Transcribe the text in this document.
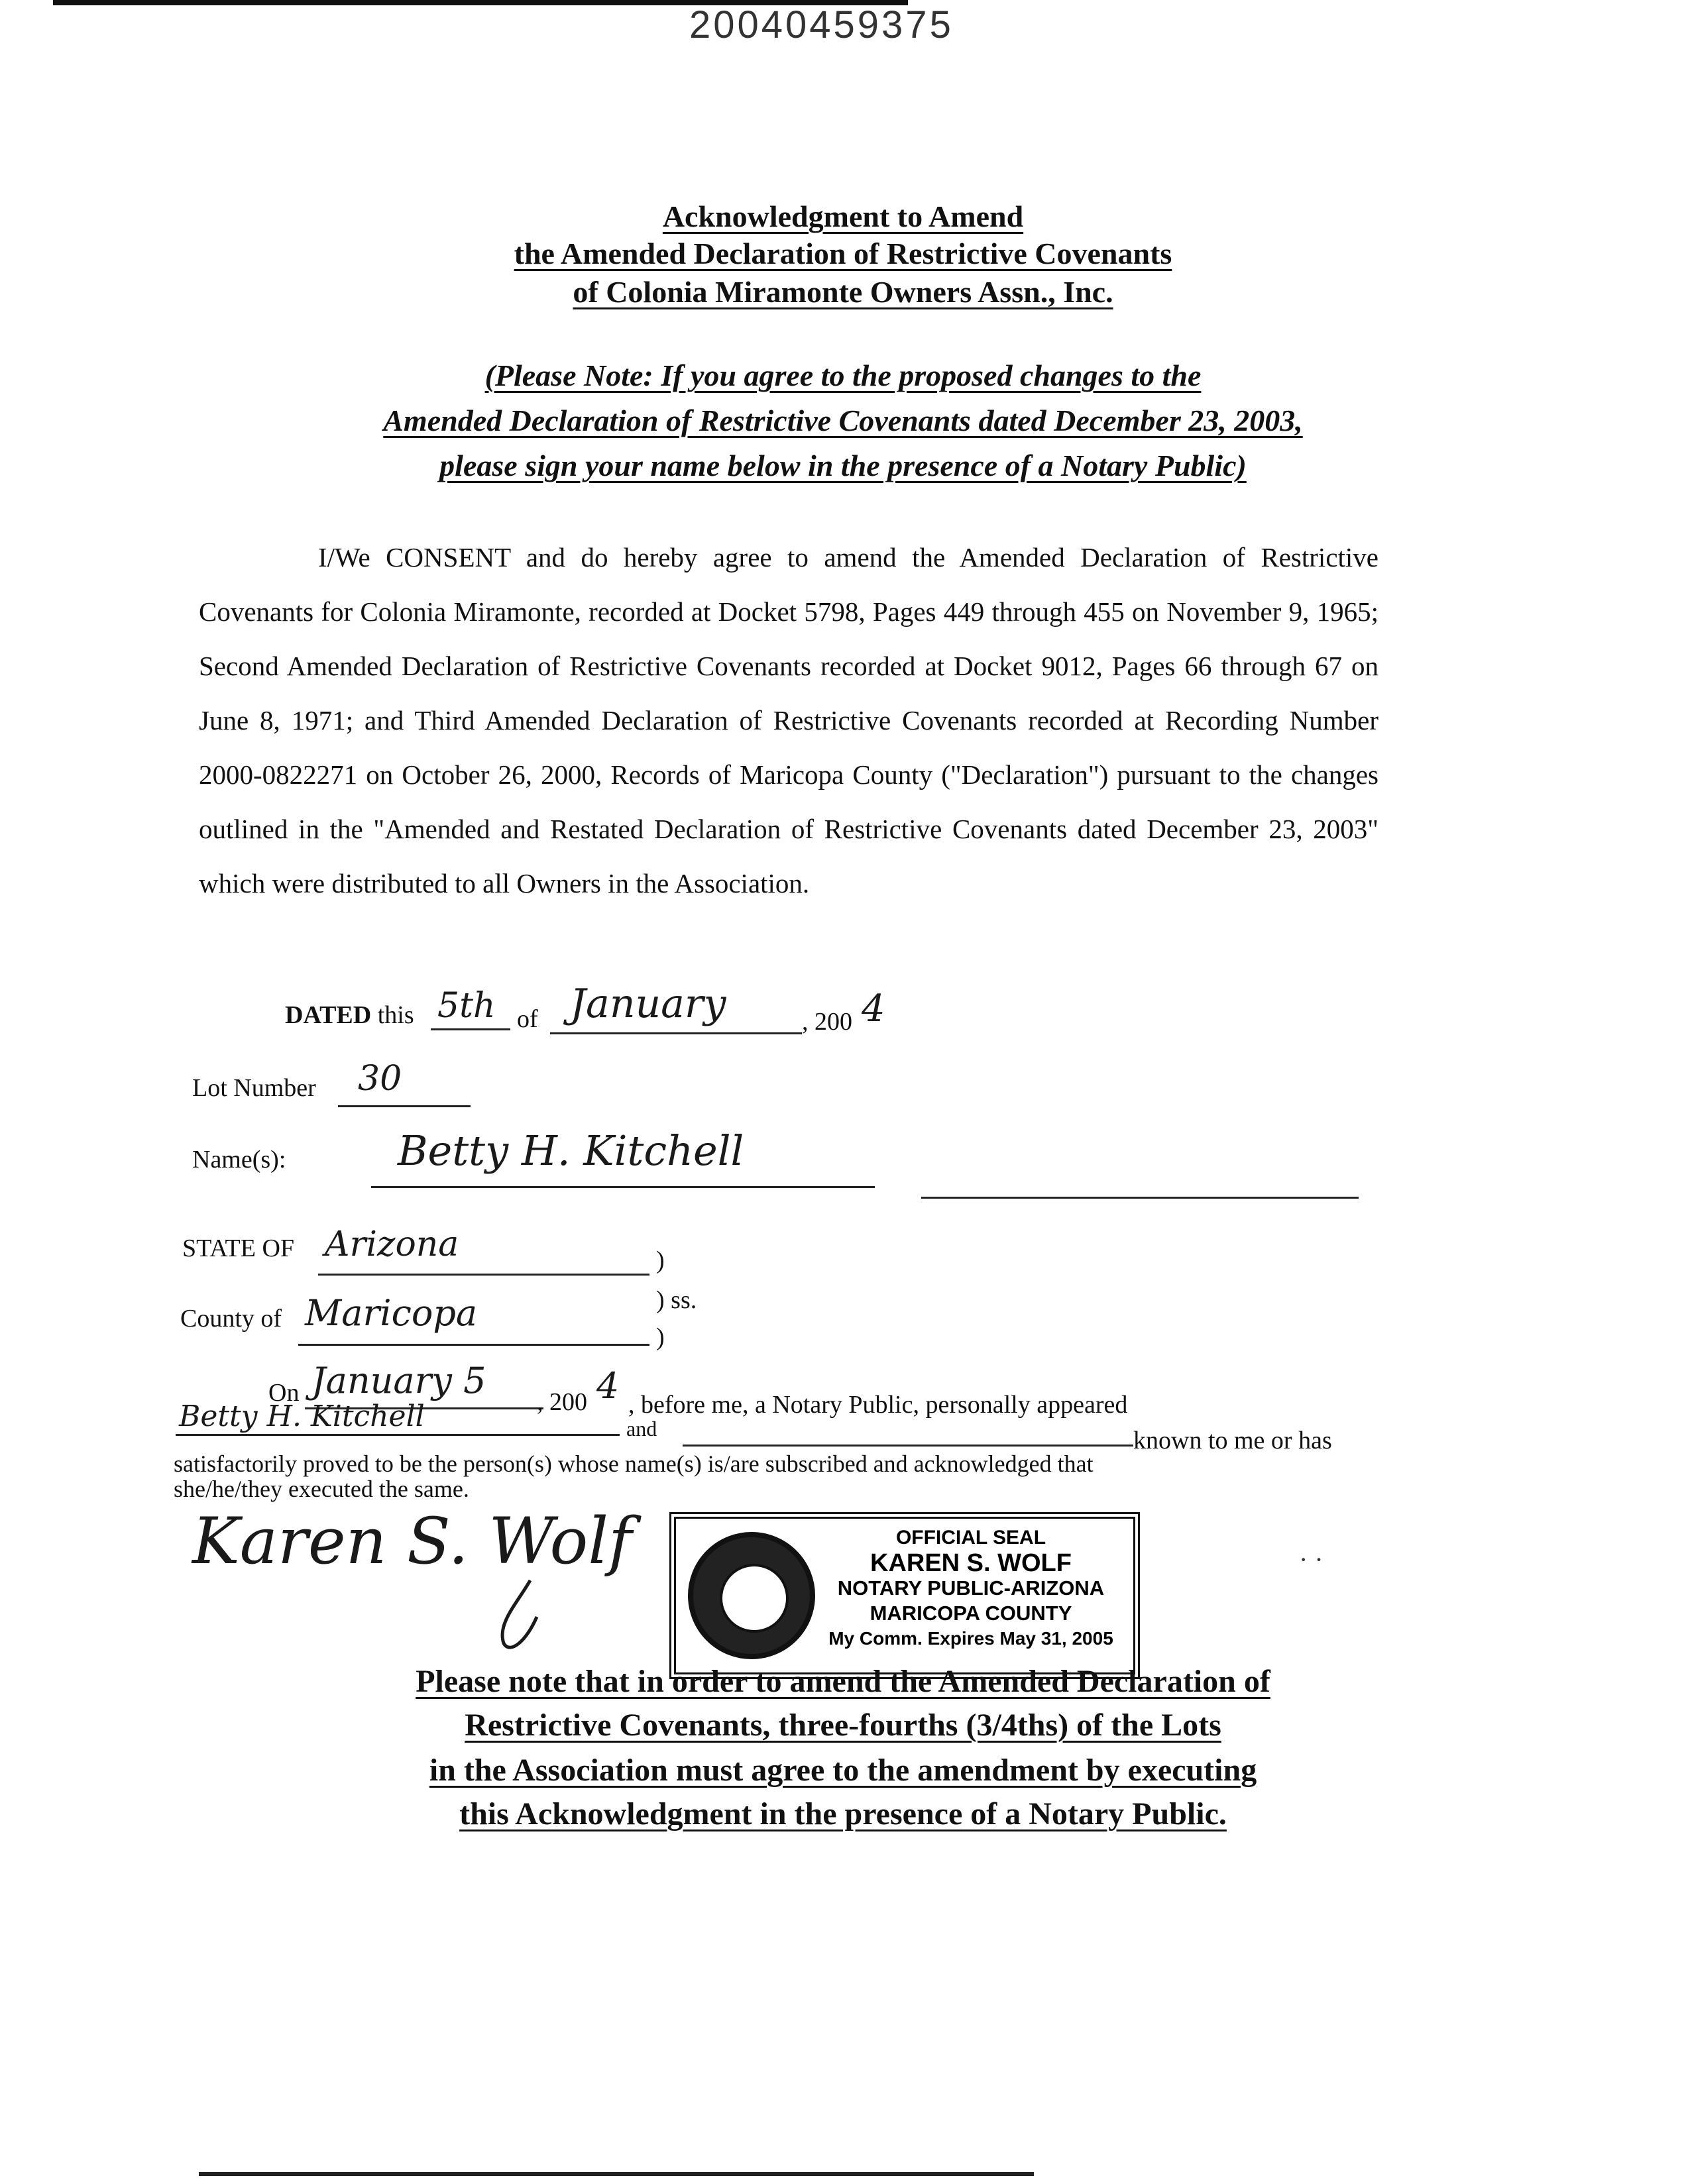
20040459375
Acknowledgment to Amend
the Amended Declaration of Restrictive Covenants
of Colonia Miramonte Owners Assn., Inc.
(Please Note: If you agree to the proposed changes to the
Amended Declaration of Restrictive Covenants dated December 23, 2003,
please sign your name below in the presence of a Notary Public)
I/We CONSENT and do hereby agree to amend the Amended Declaration of Restrictive Covenants for Colonia Miramonte, recorded at Docket 5798, Pages 449 through 455 on November 9, 1965; Second Amended Declaration of Restrictive Covenants recorded at Docket 9012, Pages 66 through 67 on June 8, 1971; and Third Amended Declaration of Restrictive Covenants recorded at Recording Number 2000-0822271 on October 26, 2000, Records of Maricopa County ("Declaration") pursuant to the changes outlined in the "Amended and Restated Declaration of Restrictive Covenants dated December 23, 2003" which were distributed to all Owners in the Association.
DATED this 5th of January	, 200 4
Lot Number 30
Name(s):	Betty H. Kitchell
STATE OF Arizona	)
) ss.
County of Maricopa
)
On January 5
, 200 4 , before me, a Notary Public, personally appeared
Betty H. Kitchell	and	known to me or has
satisfactorily proved to be the person(s) whose name(s) is/are subscribed and acknowledged that
she/he/they executed the same.
Karen S. Wolf	OFFICIAL SEAL
KAREN S. WOLF
NOTARY PUBLIC-ARIZONA
MARICOPA COUNTY
My Comm. Expires May 31, 2005
· ·
Please note that in order to amend the Amended Declaration of
Restrictive Covenants, three-fourths (3/4ths) of the Lots
in the Association must agree to the amendment by executing
this Acknowledgment in the presence of a Notary Public.
